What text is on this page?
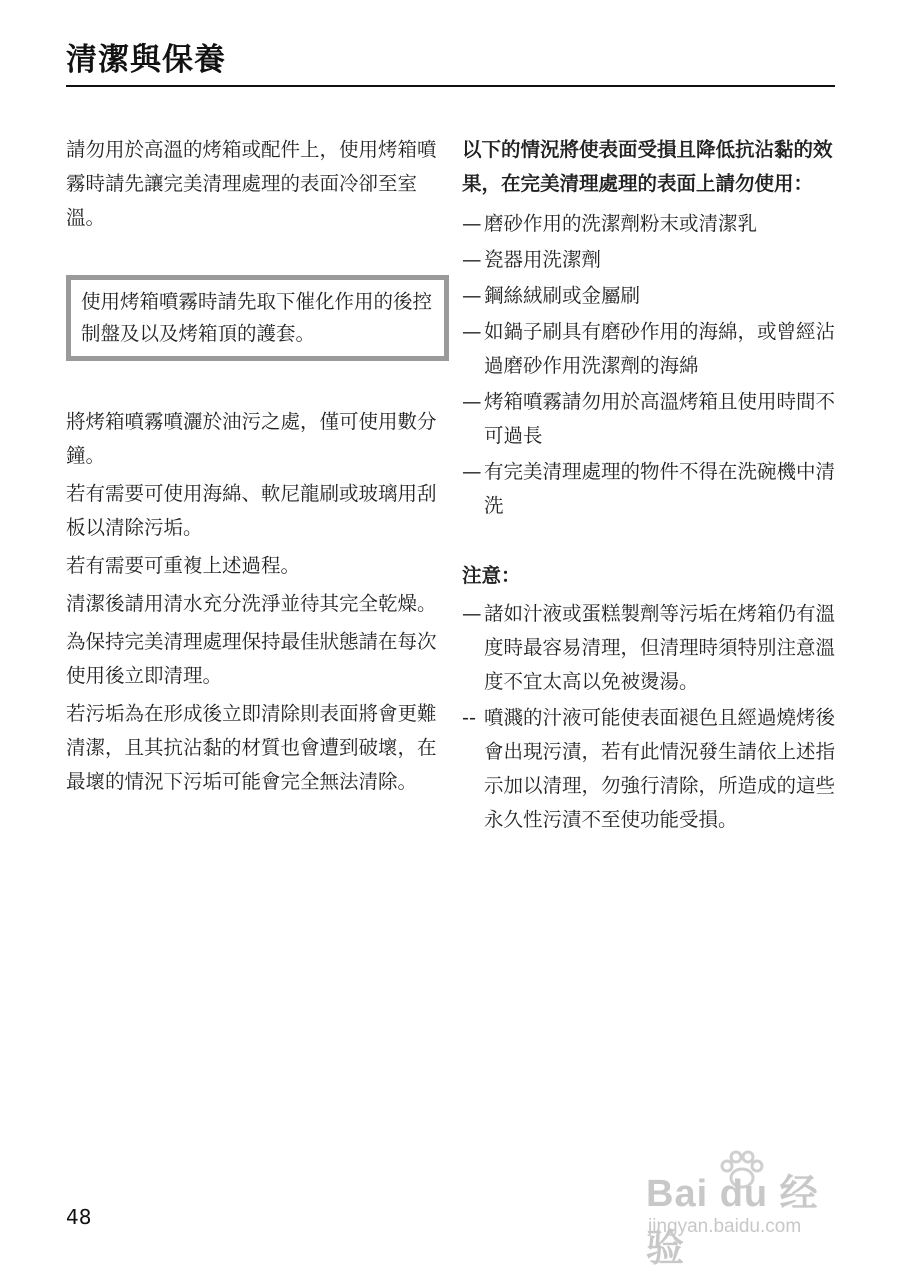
清潔與保養

請勿用於高溫的烤箱或配件上，使用烤箱噴霧時請先讓完美清理處理的表面冷卻至室溫。

使用烤箱噴霧時請先取下催化作用的後控制盤及以及烤箱頂的護套。

將烤箱噴霧噴灑於油污之處，僅可使用數分鐘。

若有需要可使用海綿、軟尼龍刷或玻璃用刮板以清除污垢。

若有需要可重複上述過程。

清潔後請用清水充分洗淨並待其完全乾燥。

為保持完美清理處理保持最佳狀態請在每次使用後立即清理。

若污垢為在形成後立即清除則表面將會更難清潔，且其抗沾黏的材質也會遭到破壞，在最壞的情況下污垢可能會完全無法清除。

以下的情況將使表面受損且降低抗沾黏的效果，在完美清理處理的表面上請勿使用：

— 磨砂作用的洗潔劑粉末或清潔乳
— 瓷器用洗潔劑
— 鋼絲絨刷或金屬刷
— 如鍋子刷具有磨砂作用的海綿，或曾經沾過磨砂作用洗潔劑的海綿
— 烤箱噴霧請勿用於高溫烤箱且使用時間不可過長
— 有完美清理處理的物件不得在洗碗機中清洗

注意：

— 諸如汁液或蛋糕製劑等污垢在烤箱仍有溫度時最容易清理，但清理時須特別注意溫度不宜太高以免被燙湯。
-- 噴濺的汁液可能使表面褪色且經過燒烤後會出現污漬，若有此情況發生請依上述指示加以清理，勿強行清除，所造成的這些永久性污漬不至使功能受損。
48
Bai du 经验
jingyan.baidu.com
